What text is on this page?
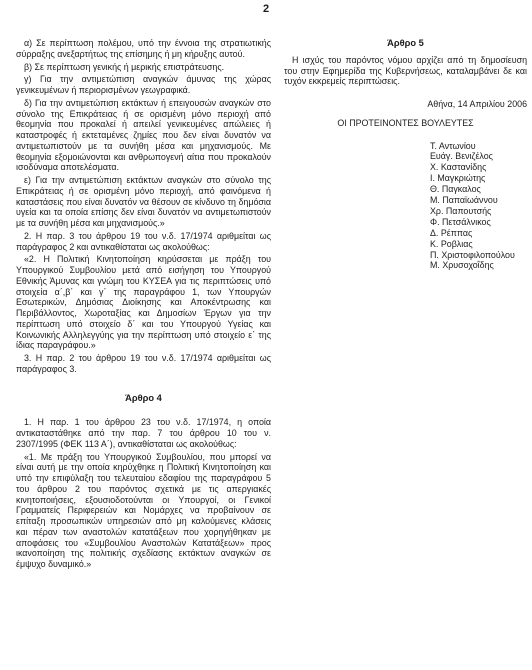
2

α) Σε περίπτωση πολέμου, υπό την έννοια της στρατιωτικής σύρραξης ανεξαρτήτως της επίσημης ή μη κήρυξης αυτού.

β) Σε περίπτωση γενικής ή μερικής επιστράτευσης.

γ) Για την αντιμετώπιση αναγκών άμυνας της χώρας γενικευμένων ή περιορισμένων γεωγραφικά.

δ) Για την αντιμετώπιση εκτάκτων ή επειγουσών αναγκών στο σύνολο της Επικράτειας ή σε ορισμένη μόνο περιοχή από θεομηνία που προκαλεί ή απειλεί γενικευμένες απώλειες ή καταστροφές ή εκτεταμένες ζημίες που δεν είναι δυνατόν να αντιμετωπιστούν με τα συνήθη μέσα και μηχανισμούς. Με θεομηνία εξομοιώνονται και ανθρωπογενή αίτια που προκαλούν ισοδύναμα αποτελέσματα.

ε) Για την αντιμετώπιση εκτάκτων αναγκών στο σύνολο της Επικράτειας ή σε ορισμένη μόνο περιοχή, από φαινόμενα ή καταστάσεις που είναι δυνατόν να θέσουν σε κίνδυνο τη δημόσια υγεία και τα οποία επίσης δεν είναι δυνατόν να αντιμετωπιστούν με τα συνήθη μέσα και μηχανισμούς.»

2. Η παρ. 3 του άρθρου 19 του ν.δ. 17/1974 αριθμείται ως παράγραφος 2 και αντικαθίσταται ως ακολούθως:

«2. Η Πολιτική Κινητοποίηση κηρύσσεται με πράξη του Υπουργικού Συμβουλίου μετά από εισήγηση του Υπουργού Εθνικής Άμυνας και γνώμη του ΚΥΣΕΑ για τις περιπτώσεις υπό στοιχεία α΄,β΄ και γ΄ της παραγράφου 1, των Υπουργών Εσωτερικών, Δημόσιας Διοίκησης και Αποκέντρωσης και Περιβάλλοντος, Χωροταξίας και Δημοσίων Έργων για την περίπτωση υπό στοιχείο δ΄ και του Υπουργού Υγείας και Κοινωνικής Αλληλεγγύης για την περίπτωση υπό στοιχείο ε΄ της ίδιας παραγράφου.»

3. Η παρ. 2 του άρθρου 19 του ν.δ. 17/1974 αριθμείται ως παράγραφος 3.

Άρθρο 4

1. Η παρ. 1 του άρθρου 23 του ν.δ. 17/1974, η οποία αντικαταστάθηκε από την παρ. 7 του άρθρου 10 του ν. 2307/1995 (ΦΕΚ 113 Α΄), αντικαθίσταται ως ακολούθως:

«1. Με πράξη του Υπουργικού Συμβουλίου, που μπορεί να είναι αυτή με την οποία κηρύχθηκε η Πολιτική Κινητοποίηση και υπό την επιφύλαξη του τελευταίου εδαφίου της παραγράφου 5 του άρθρου 2 του παρόντος σχετικά με τις απεργιακές κινητοποιήσεις, εξουσιοδοτούνται οι Υπουργοί, οι Γενικοί Γραμματείς Περιφερειών και Νομάρχες να προβαίνουν σε επίταξη προσωπικών υπηρεσιών από μη καλούμενες κλάσεις και πέραν των αναστολών κατατάξεων που χορηγήθηκαν με αποφάσεις του «Συμβουλίου Αναστολών Κατατάξεων» προς ικανοποίηση της πολιτικής σχεδίασης εκτάκτων αναγκών σε έμψυχο δυναμικό.»

Άρθρο 5

Η ισχύς του παρόντος νόμου αρχίζει από τη δημοσίευση του στην Εφημερίδα της Κυβερνήσεως, καταλαμβάνει δε και τυχόν εκκρεμείς περιπτώσεις.

Αθήνα, 14 Απριλίου 2006
ΟΙ ΠΡΟΤΕΙΝΟΝΤΕΣ ΒΟΥΛΕΥΤΕΣ
Τ. Αντωνίου
Ευάγ. Βενιζέλος
Χ. Καστανίδης
Ι. Μαγκριώτης
Θ. Παγκαλος
Μ. Παπαϊωάννου
Χρ. Παπουτσής
Φ. Πετσάλνικος
Δ. Ρέππας
Κ. Ροβλιας
Π. Χριστοφιλοπούλου
Μ. Χρυσοχοΐδης
